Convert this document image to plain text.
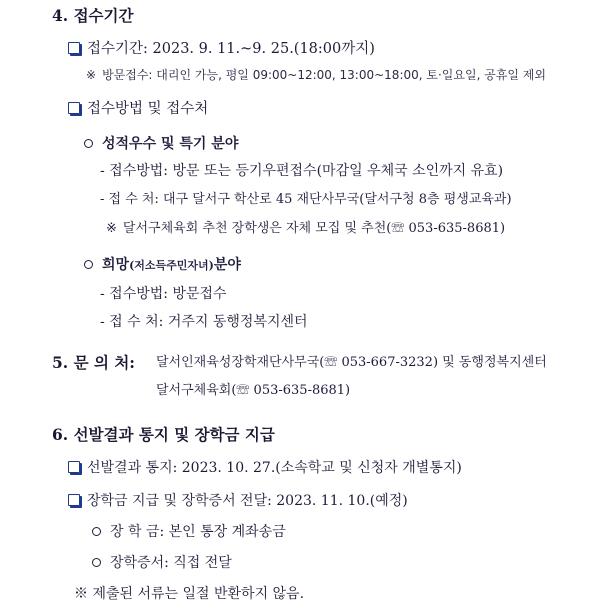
4. 접수기간
접수기간: 2023. 9. 11.~9. 25.(18:00까지)
※ 방문접수: 대리인 가능, 평일 09:00~12:00, 13:00~18:00, 토·일요일, 공휴일 제외
접수방법 및 접수처
성적우수 및 특기 분야
- 접수방법: 방문 또는 등기우편접수(마감일 우체국 소인까지 유효)
- 접 수 처: 대구 달서구 학산로 45 재단사무국(달서구청 8층 평생교육과)
※ 달서구체육회 추천 장학생은 자체 모집 및 추천(☏ 053-635-8681)
희망(저소득주민자녀)분야
- 접수방법: 방문접수
- 접 수 처: 거주지 동행정복지센터
5. 문 의 처: 달서인재육성장학재단사무국(☏ 053-667-3232) 및 동행정복지센터
달서구체육회(☏ 053-635-8681)
6. 선발결과 통지 및 장학금 지급
선발결과 통지: 2023. 10. 27.(소속학교 및 신청자 개별통지)
장학금 지급 및 장학증서 전달: 2023. 11. 10.(예정)
장 학 금: 본인 통장 계좌송금
장학증서: 직접 전달
※ 제출된 서류는 일절 반환하지 않음.
